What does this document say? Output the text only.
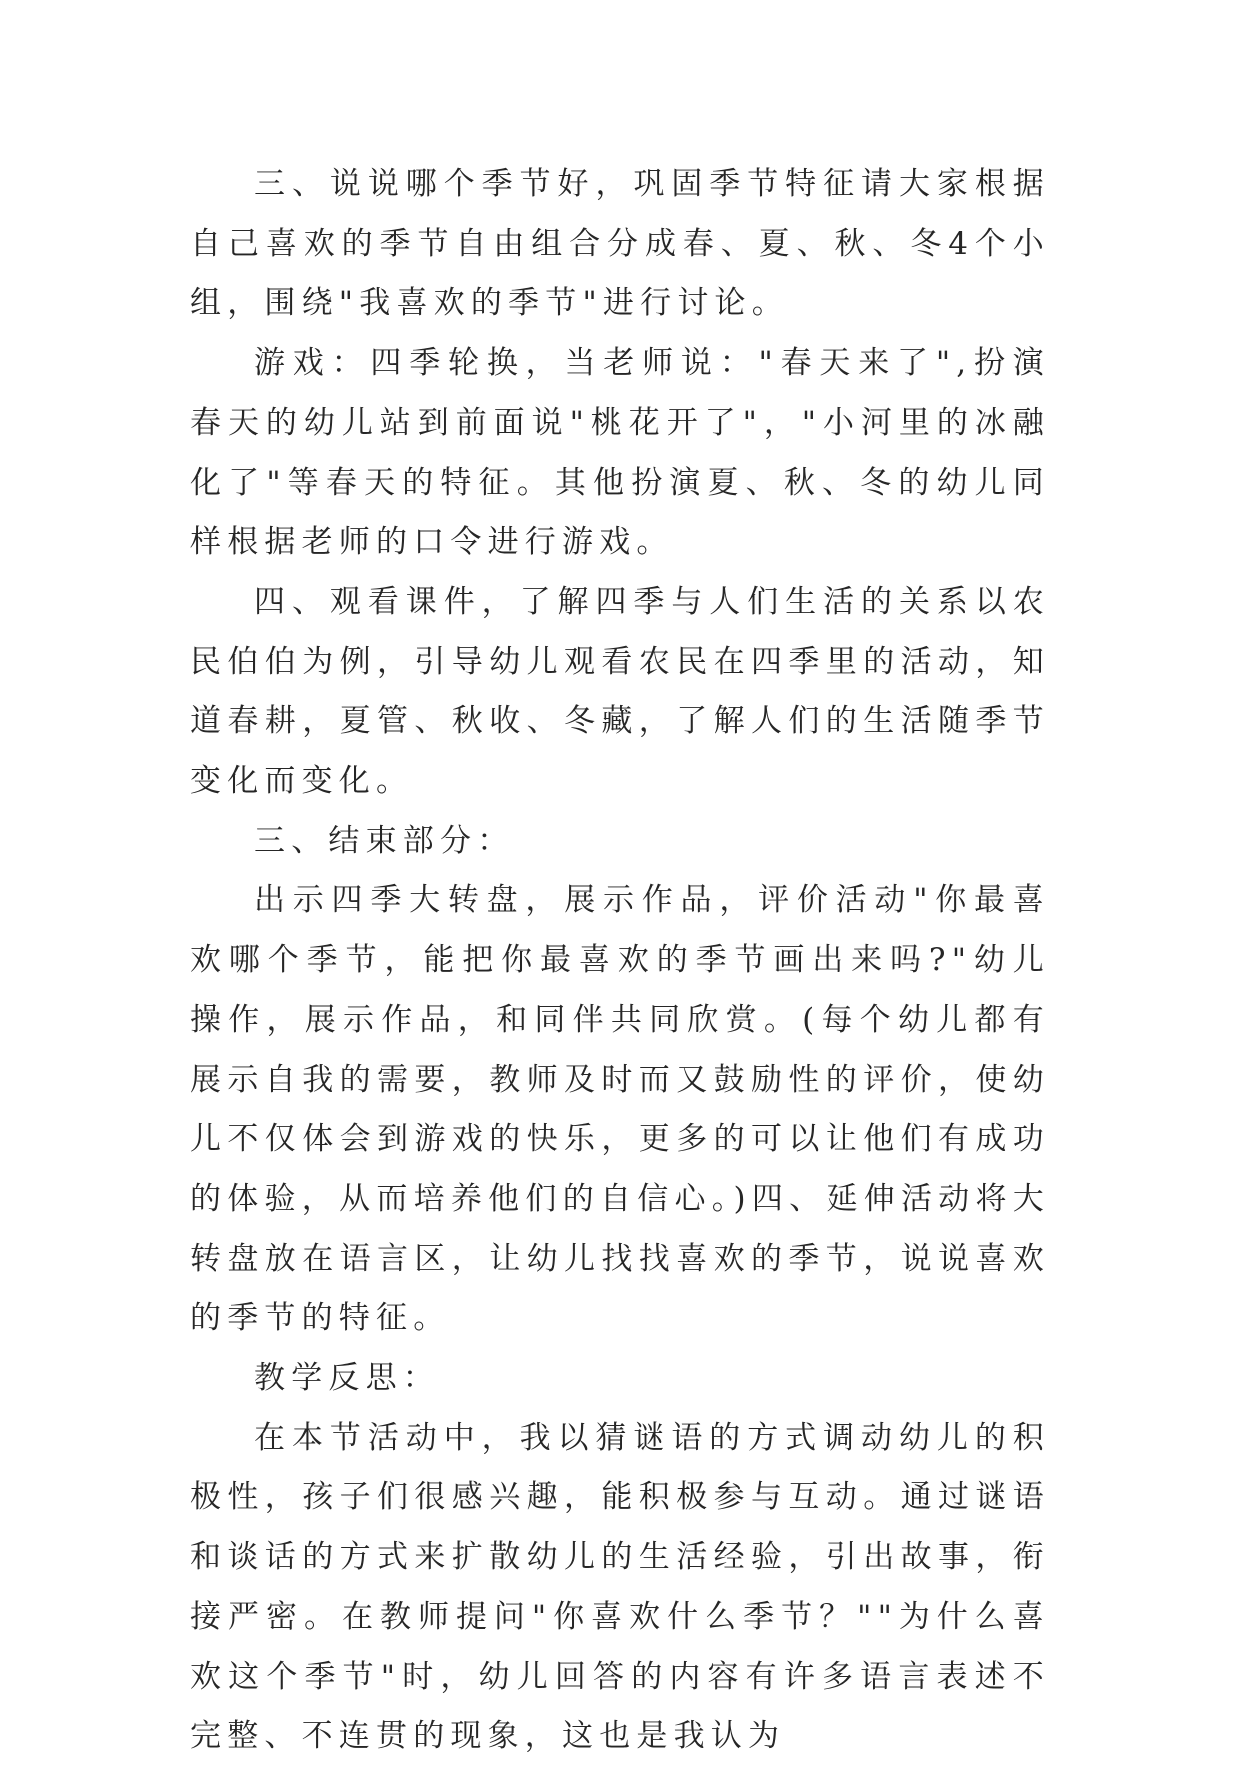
三、说说哪个季节好，巩固季节特征请大家根据自己喜欢的季节自由组合分成春、夏、秋、冬4个小组，围绕"我喜欢的季节"进行讨论。

游戏：四季轮换，当老师说："春天来了",扮演春天的幼儿站到前面说"桃花开了"，"小河里的冰融化了"等春天的特征。其他扮演夏、秋、冬的幼儿同样根据老师的口令进行游戏。

四、观看课件，了解四季与人们生活的关系以农民伯伯为例，引导幼儿观看农民在四季里的活动，知道春耕，夏管、秋收、冬藏，了解人们的生活随季节变化而变化。

三、结束部分：

出示四季大转盘，展示作品，评价活动"你最喜欢哪个季节，能把你最喜欢的季节画出来吗?"幼儿操作，展示作品，和同伴共同欣赏。(每个幼儿都有展示自我的需要，教师及时而又鼓励性的评价，使幼儿不仅体会到游戏的快乐，更多的可以让他们有成功的体验，从而培养他们的自信心。)四、延伸活动将大转盘放在语言区，让幼儿找找喜欢的季节，说说喜欢的季节的特征。

教学反思：

在本节活动中，我以猜谜语的方式调动幼儿的积极性，孩子们很感兴趣，能积极参与互动。通过谜语和谈话的方式来扩散幼儿的生活经验，引出故事，衔接严密。在教师提问"你喜欢什么季节？""为什么喜欢这个季节"时，幼儿回答的内容有许多语言表述不完整、不连贯的现象，这也是我认为
